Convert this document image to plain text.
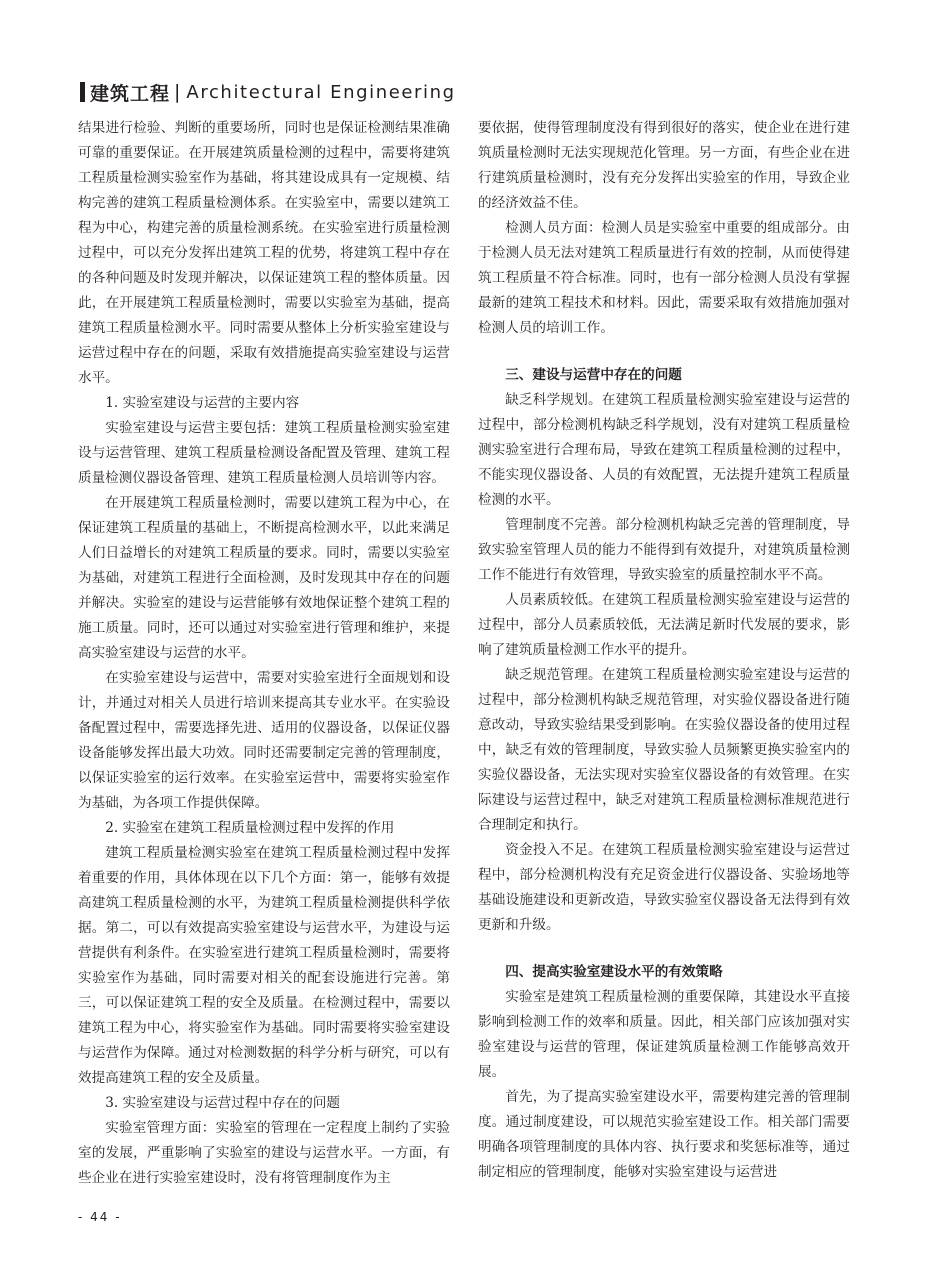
建筑工程 | Architectural Engineering

结果进行检验、判断的重要场所，同时也是保证检测结果准确可靠的重要保证。在开展建筑质量检测的过程中，需要将建筑工程质量检测实验室作为基础，将其建设成具有一定规模、结构完善的建筑工程质量检测体系。在实验室中，需要以建筑工程为中心，构建完善的质量检测系统。在实验室进行质量检测过程中，可以充分发挥出建筑工程的优势，将建筑工程中存在的各种问题及时发现并解决，以保证建筑工程的整体质量。因此，在开展建筑工程质量检测时，需要以实验室为基础，提高建筑工程质量检测水平。同时需要从整体上分析实验室建设与运营过程中存在的问题，采取有效措施提高实验室建设与运营水平。

1. 实验室建设与运营的主要内容

实验室建设与运营主要包括：建筑工程质量检测实验室建设与运营管理、建筑工程质量检测设备配置及管理、建筑工程质量检测仪器设备管理、建筑工程质量检测人员培训等内容。

在开展建筑工程质量检测时，需要以建筑工程为中心，在保证建筑工程质量的基础上，不断提高检测水平，以此来满足人们日益增长的对建筑工程质量的要求。同时，需要以实验室为基础，对建筑工程进行全面检测，及时发现其中存在的问题并解决。实验室的建设与运营能够有效地保证整个建筑工程的施工质量。同时，还可以通过对实验室进行管理和维护，来提高实验室建设与运营的水平。

在实验室建设与运营中，需要对实验室进行全面规划和设计，并通过对相关人员进行培训来提高其专业水平。在实验设备配置过程中，需要选择先进、适用的仪器设备，以保证仪器设备能够发挥出最大功效。同时还需要制定完善的管理制度，以保证实验室的运行效率。在实验室运营中，需要将实验室作为基础，为各项工作提供保障。

2. 实验室在建筑工程质量检测过程中发挥的作用

建筑工程质量检测实验室在建筑工程质量检测过程中发挥着重要的作用，具体体现在以下几个方面：第一，能够有效提高建筑工程质量检测的水平，为建筑工程质量检测提供科学依据。第二，可以有效提高实验室建设与运营水平，为建设与运营提供有利条件。在实验室进行建筑工程质量检测时，需要将实验室作为基础，同时需要对相关的配套设施进行完善。第三，可以保证建筑工程的安全及质量。在检测过程中，需要以建筑工程为中心，将实验室作为基础。同时需要将实验室建设与运营作为保障。通过对检测数据的科学分析与研究，可以有效提高建筑工程的安全及质量。

3. 实验室建设与运营过程中存在的问题

实验室管理方面：实验室的管理在一定程度上制约了实验室的发展，严重影响了实验室的建设与运营水平。一方面，有些企业在进行实验室建设时，没有将管理制度作为主

要依据，使得管理制度没有得到很好的落实，使企业在进行建筑质量检测时无法实现规范化管理。另一方面，有些企业在进行建筑质量检测时，没有充分发挥出实验室的作用，导致企业的经济效益不佳。

检测人员方面：检测人员是实验室中重要的组成部分。由于检测人员无法对建筑工程质量进行有效的控制，从而使得建筑工程质量不符合标准。同时，也有一部分检测人员没有掌握最新的建筑工程技术和材料。因此，需要采取有效措施加强对检测人员的培训工作。

三、建设与运营中存在的问题

缺乏科学规划。在建筑工程质量检测实验室建设与运营的过程中，部分检测机构缺乏科学规划，没有对建筑工程质量检测实验室进行合理布局，导致在建筑工程质量检测的过程中，不能实现仪器设备、人员的有效配置，无法提升建筑工程质量检测的水平。

管理制度不完善。部分检测机构缺乏完善的管理制度，导致实验室管理人员的能力不能得到有效提升，对建筑质量检测工作不能进行有效管理，导致实验室的质量控制水平不高。

人员素质较低。在建筑工程质量检测实验室建设与运营的过程中，部分人员素质较低，无法满足新时代发展的要求，影响了建筑质量检测工作水平的提升。

缺乏规范管理。在建筑工程质量检测实验室建设与运营的过程中，部分检测机构缺乏规范管理，对实验仪器设备进行随意改动，导致实验结果受到影响。在实验仪器设备的使用过程中，缺乏有效的管理制度，导致实验人员频繁更换实验室内的实验仪器设备，无法实现对实验室仪器设备的有效管理。在实际建设与运营过程中，缺乏对建筑工程质量检测标准规范进行合理制定和执行。

资金投入不足。在建筑工程质量检测实验室建设与运营过程中，部分检测机构没有充足资金进行仪器设备、实验场地等基础设施建设和更新改造，导致实验室仪器设备无法得到有效更新和升级。

四、提高实验室建设水平的有效策略

实验室是建筑工程质量检测的重要保障，其建设水平直接影响到检测工作的效率和质量。因此，相关部门应该加强对实验室建设与运营的管理，保证建筑质量检测工作能够高效开展。

首先，为了提高实验室建设水平，需要构建完善的管理制度。通过制度建设，可以规范实验室建设工作。相关部门需要明确各项管理制度的具体内容、执行要求和奖惩标准等，通过制定相应的管理制度，能够对实验室建设与运营进

- 44 -
